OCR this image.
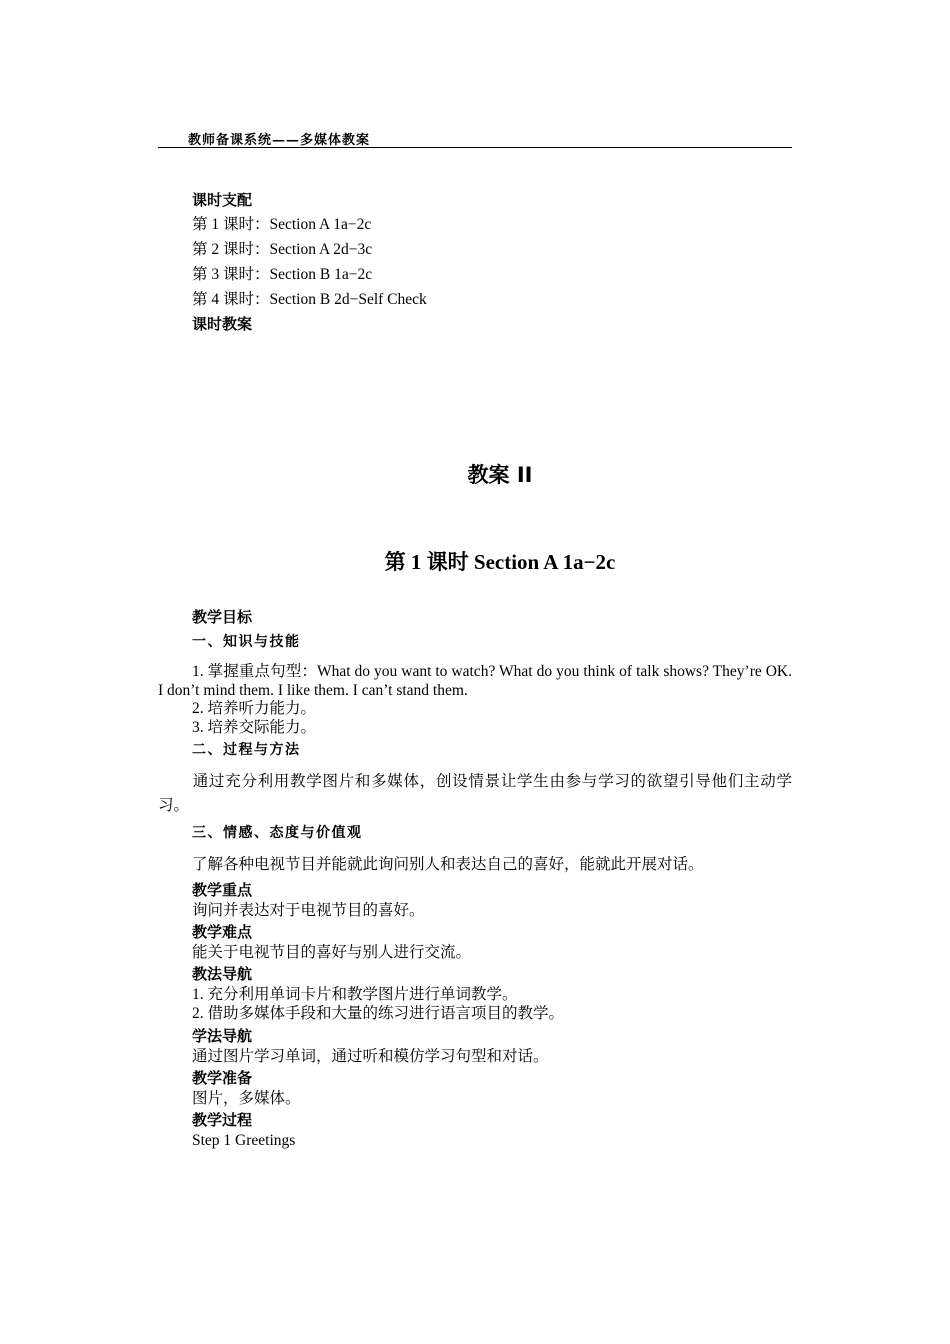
教师备课系统——多媒体教案
课时支配
第 1 课时：Section A 1a−2c
第 2 课时：Section A 2d−3c
第 3 课时：Section B 1a−2c
第 4 课时：Section B 2d−Self Check
课时教案
教案 II
第 1 课时 Section A 1a−2c
教学目标
一、知识与技能
1. 掌握重点句型：What do you want to watch? What do you think of talk shows? They’re OK. I don’t mind them. I like them. I can’t stand them.
2. 培养听力能力。
3. 培养交际能力。
二、过程与方法
通过充分利用教学图片和多媒体，创设情景让学生由参与学习的欲望引导他们主动学习。
三、情感、态度与价值观
了解各种电视节目并能就此询问别人和表达自己的喜好，能就此开展对话。
教学重点
询问并表达对于电视节目的喜好。
教学难点
能关于电视节目的喜好与别人进行交流。
教法导航
1. 充分利用单词卡片和教学图片进行单词教学。
2. 借助多媒体手段和大量的练习进行语言项目的教学。
学法导航
通过图片学习单词，通过听和模仿学习句型和对话。
教学准备
图片，多媒体。
教学过程
Step 1 Greetings
